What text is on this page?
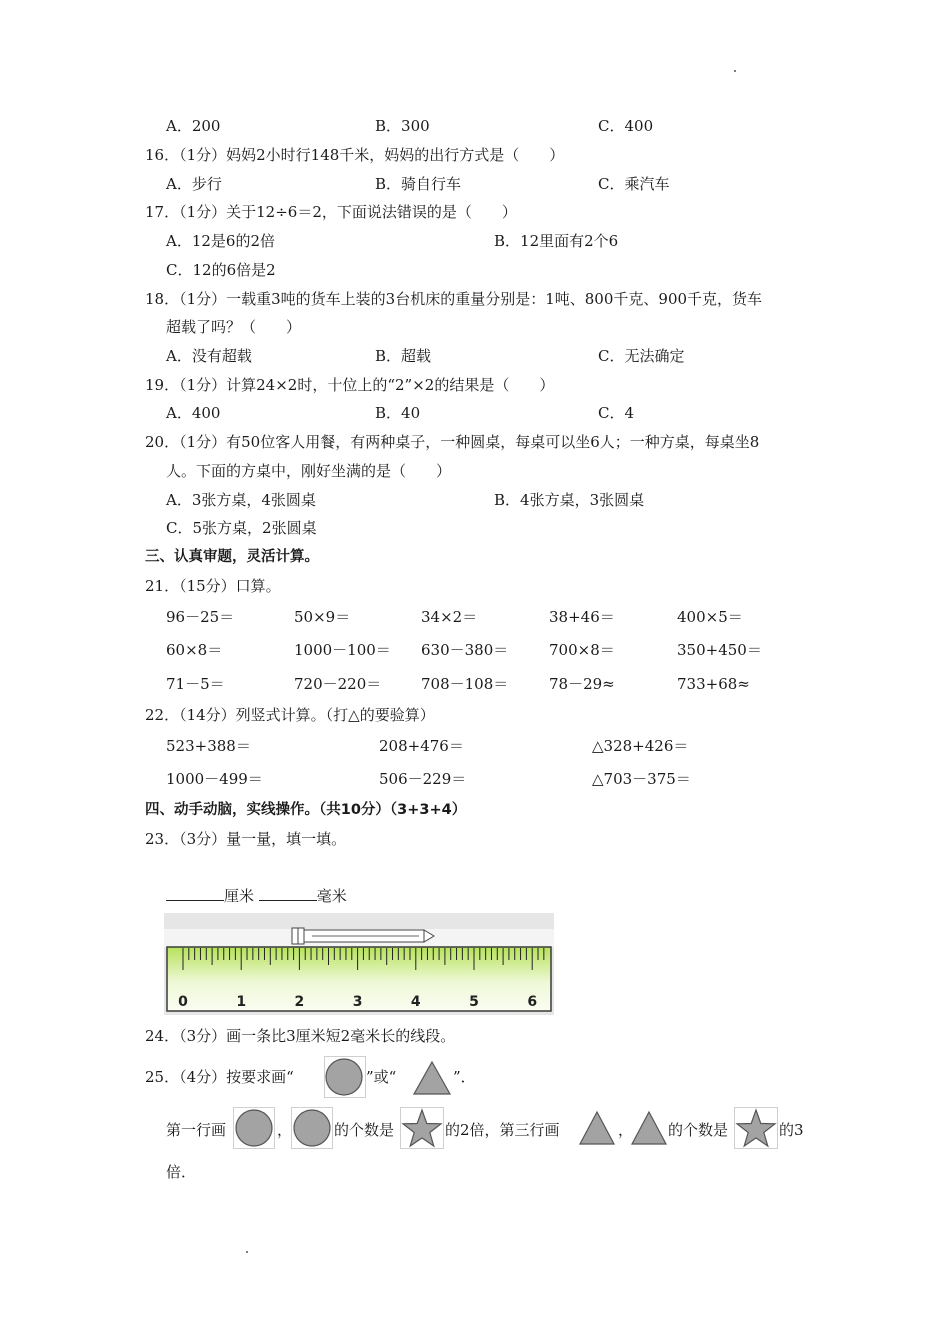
A．200	B．300	C．400
16．（1分）妈妈2小时行148千米，妈妈的出行方式是（　　）
A．步行	B．骑自行车	C．乘汽车
17．（1分）关于12÷6＝2，下面说法错误的是（　　）
A．12是6的2倍	B．12里面有2个6
C．12的6倍是2
18．（1分）一载重3吨的货车上装的3台机床的重量分别是：1吨、800千克、900千克，货车
超载了吗？（　　）
A．没有超载	B．超载	C．无法确定
19．（1分）计算24×2时，十位上的“2”×2的结果是（　　）
A．400	B．40	C．4
20．（1分）有50位客人用餐，有两种桌子，一种圆桌，每桌可以坐6人；一种方桌，每桌坐8
人。下面的方桌中，刚好坐满的是（　　）
A．3张方桌，4张圆桌	B．4张方桌，3张圆桌
C．5张方桌，2张圆桌
三、认真审题，灵活计算。
21．（15分）口算。
96－25＝	50×9＝	34×2＝	38+46＝	400×5＝
60×8＝	1000－100＝ 630－380＝	700×8＝	350+450＝
71－5＝	720－220＝	708－108＝	78－29≈	733+68≈
22．（14分）列竖式计算。（打△的要验算）
523+388＝	208+476＝	△328+426＝
1000－499＝	506－229＝	△703－375＝
四、动手动脑，实线操作。（共10分）（3+3+4）
23．（3分）量一量，填一填。
厘米	毫米
0	1	2	3	4	5	6
24．（3分）画一条比3厘米短2毫米长的线段。
25．（4分）按要求画“	”或“	”．
第一行画	，	的个数是	的2倍，第三行画	， 的个数是	的3
倍．
